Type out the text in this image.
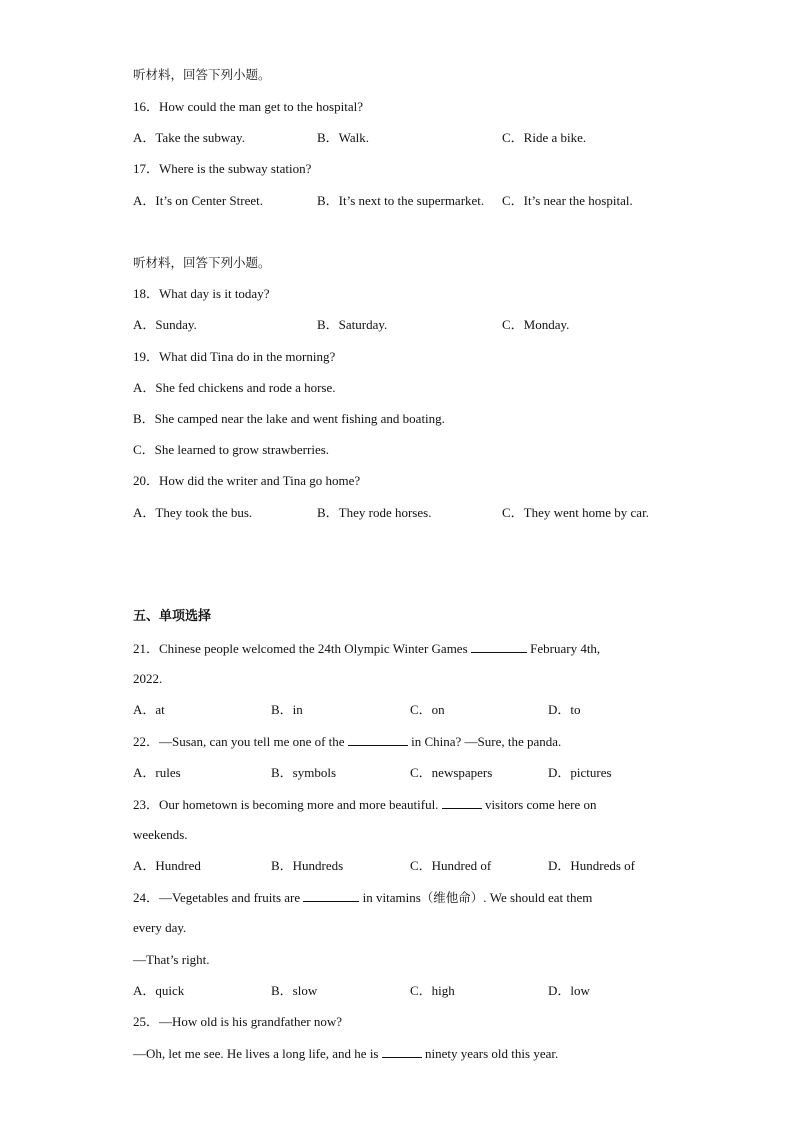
听材料，回答下列小题。
16．How could the man get to the hospital?
A．Take the subway.	B．Walk.	C．Ride a bike.
17．Where is the subway station?
A．It’s on Center Street.	B．It’s next to the supermarket. C．It’s near the hospital.
听材料，回答下列小题。
18．What day is it today?
A．Sunday.	B．Saturday.	C．Monday.
19．What did Tina do in the morning?
A．She fed chickens and rode a horse.
B．She camped near the lake and went fishing and boating.
C．She learned to grow strawberries.
20．How did the writer and Tina go home?
A．They took the bus.	B．They rode horses.	C．They went home by car.
五、单项选择
21．Chinese people welcomed the 24th Olympic Winter Games	February 4th,
2022.
A．at	B．in	C．on	D．to
22．—Susan, can you tell me one of the	in China? —Sure, the panda.
A．rules	B．symbols	C．newspapers	D．pictures
23．Our hometown is becoming more and more beautiful.	visitors come here on
weekends.
A．Hundred	B．Hundreds	C．Hundred of	D．Hundreds of
24．—Vegetables and fruits are	in vitamins（维他命）. We should eat them
every day.
—That’s right.
A．quick	B．slow	C．high	D．low
25．—How old is his grandfather now?
—Oh, let me see. He lives a long life, and he is	ninety years old this year.
